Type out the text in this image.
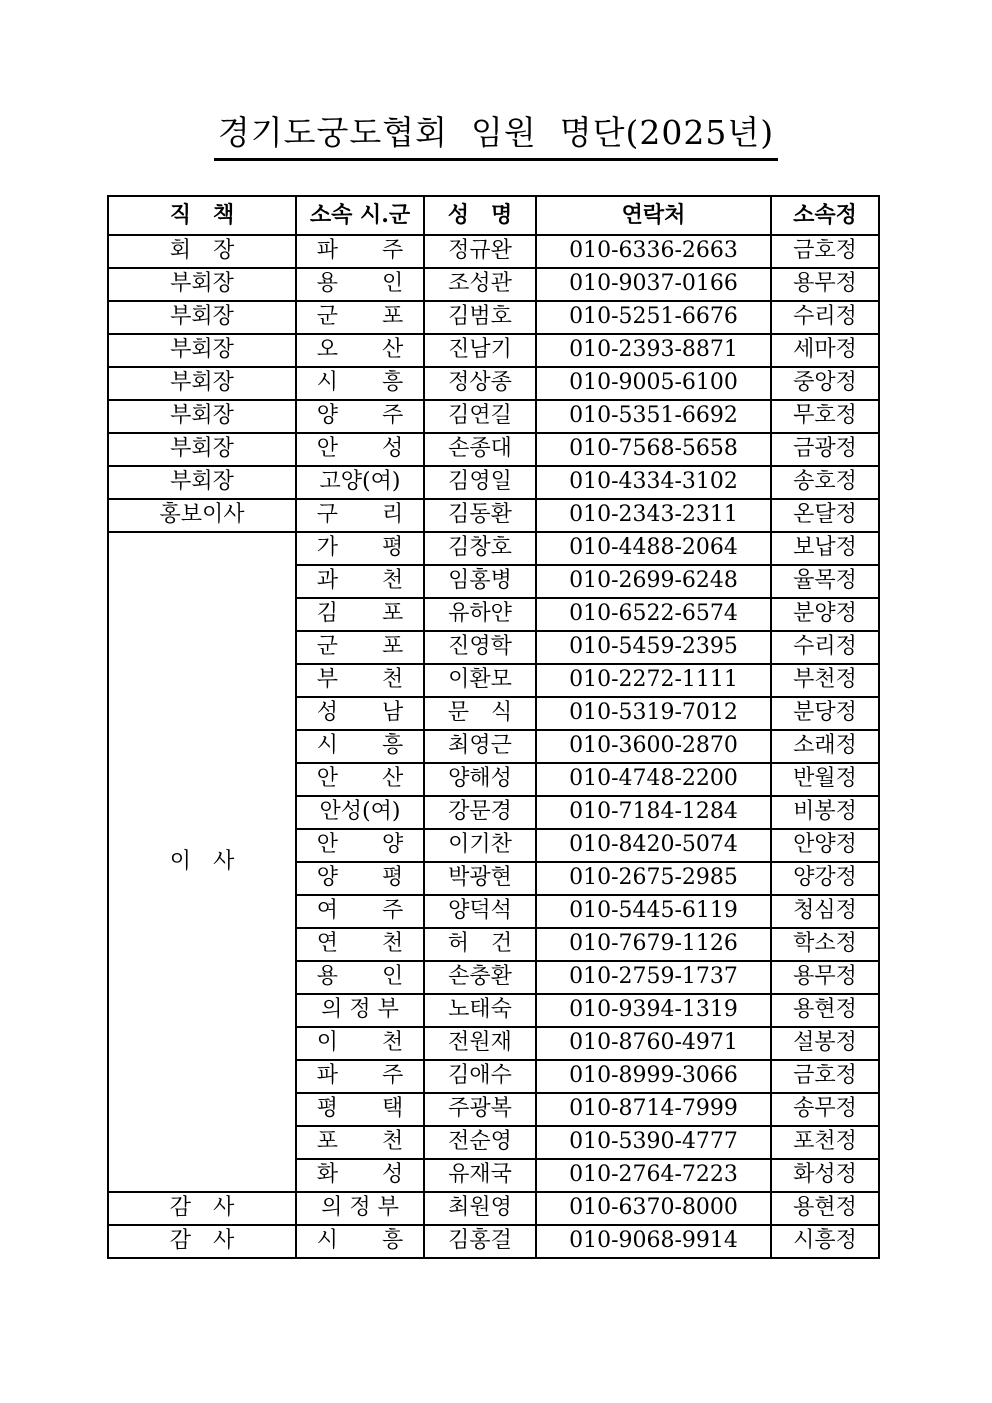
경기도궁도협회  임원  명단(2025년)
직　책	소속 시.군	성　명	연락처	소속정
회　장	파　　주	정규완	010-6336-2663	금호정
부회장	용　　인	조성관	010-9037-0166	용무정
부회장	군　　포	김범호	010-5251-6676	수리정
부회장	오　　산	진남기	010-2393-8871	세마정
부회장	시　　흥	정상종	010-9005-6100	중앙정
부회장	양　　주	김연길	010-5351-6692	무호정
부회장	안　　성	손종대	010-7568-5658	금광정
부회장	고양(여)	김영일	010-4334-3102	송호정
홍보이사	구　　리	김동환	010-2343-2311	온달정
이　사	가　　평	김창호	010-4488-2064	보납정
	과　　천	임홍병	010-2699-6248	율목정
	김　　포	유하얀	010-6522-6574	분양정
	군　　포	진영학	010-5459-2395	수리정
	부　　천	이환모	010-2272-1111	부천정
	성　　남	문　식	010-5319-7012	분당정
	시　　흥	최영근	010-3600-2870	소래정
	안　　산	양해성	010-4748-2200	반월정
	안성(여)	강문경	010-7184-1284	비봉정
	안　　양	이기찬	010-8420-5074	안양정
	양　　평	박광현	010-2675-2985	양강정
	여　　주	양덕석	010-5445-6119	청심정
	연　　천	허　건	010-7679-1126	학소정
	용　　인	손충환	010-2759-1737	용무정
	의 정 부	노태숙	010-9394-1319	용현정
	이　　천	전원재	010-8760-4971	설봉정
	파　　주	김애수	010-8999-3066	금호정
	평　　택	주광복	010-8714-7999	송무정
	포　　천	전순영	010-5390-4777	포천정
	화　　성	유재국	010-2764-7223	화성정
감　사	의 정 부	최원영	010-6370-8000	용현정
감　사	시　　흥	김홍걸	010-9068-9914	시흥정
